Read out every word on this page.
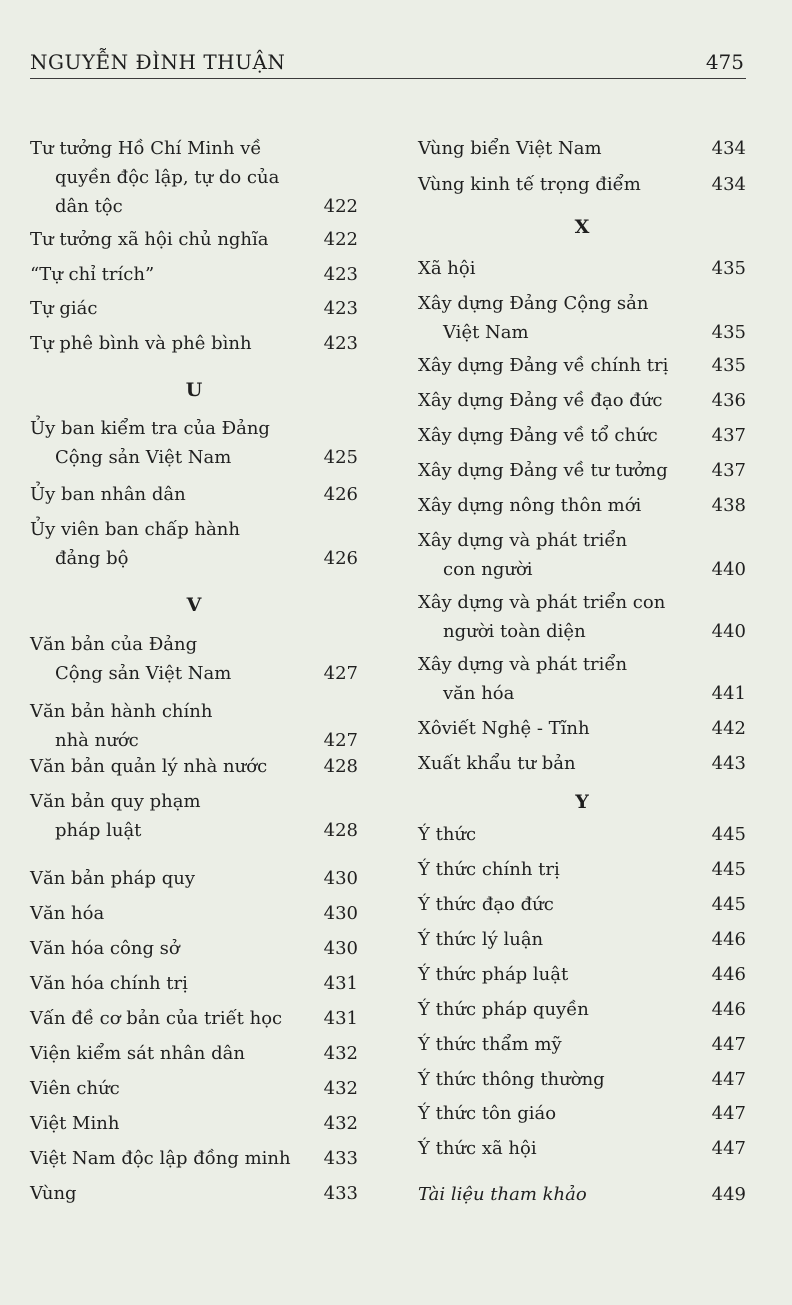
NGUYỄN ĐÌNH THUẬN	475
Tư tưởng Hồ Chí Minh về
quyền độc lập, tự do của
dân tộc	422
Tư tưởng xã hội chủ nghĩa	422
“Tự chỉ trích”	423
Tự giác	423
Tự phê bình và phê bình	423
U
Ủy ban kiểm tra của Đảng
Cộng sản Việt Nam	425
Ủy ban nhân dân	426
Ủy viên ban chấp hành
đảng bộ	426
V
Văn bản của Đảng
Cộng sản Việt Nam	427
Văn bản hành chính
nhà nước	427
Văn bản quản lý nhà nước	428
Văn bản quy phạm
pháp luật	428
Văn bản pháp quy	430
Văn hóa	430
Văn hóa công sở	430
Văn hóa chính trị	431
Vấn đề cơ bản của triết học	431
Viện kiểm sát nhân dân	432
Viên chức	432
Việt Minh	432
Việt Nam độc lập đồng minh	433
Vùng	433
Vùng biển Việt Nam	434
Vùng kinh tế trọng điểm	434
X
Xã hội	435
Xây dựng Đảng Cộng sản
Việt Nam	435
Xây dựng Đảng về chính trị	435
Xây dựng Đảng về đạo đức	436
Xây dựng Đảng về tổ chức	437
Xây dựng Đảng về tư tưởng	437
Xây dựng nông thôn mới	438
Xây dựng và phát triển
con người	440
Xây dựng và phát triển con
người toàn diện	440
Xây dựng và phát triển
văn hóa	441
Xôviết Nghệ - Tĩnh	442
Xuất khẩu tư bản	443
Y
Ý thức	445
Ý thức chính trị	445
Ý thức đạo đức	445
Ý thức lý luận	446
Ý thức pháp luật	446
Ý thức pháp quyền	446
Ý thức thẩm mỹ	447
Ý thức thông thường	447
Ý thức tôn giáo	447
Ý thức xã hội	447
Tài liệu tham khảo	449
